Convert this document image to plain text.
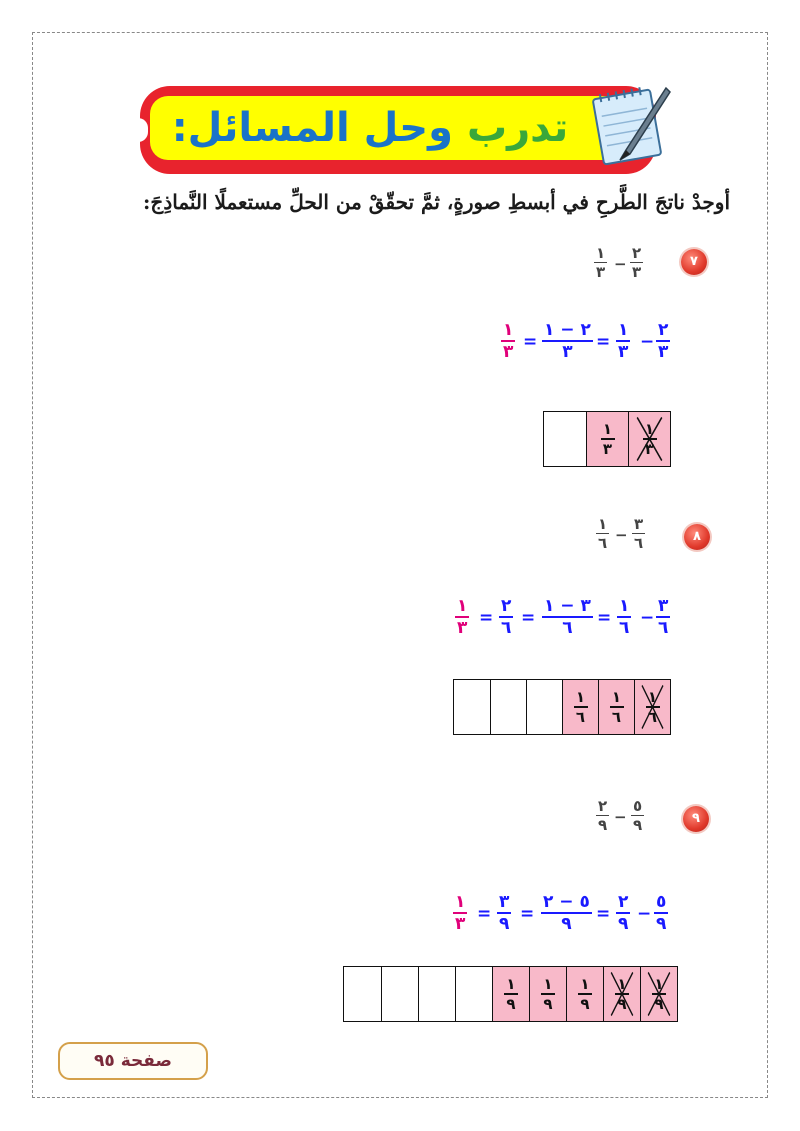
تدرب وحل المسائل:
أوجدْ ناتجَ الطَّرحِ في أبسطِ صورةٍ، ثمَّ تحقّقْ من الحلِّ مستعملًا النَّماذِجَ:
٧
٢
٣
−
١
٣
٢
٣
−
١
٣
=
٢ − ١
٣
=
١
٣
١
٣
١
٣
٨
٣
٦
−
١
٦
٣
٦
−
١
٦
=
٣ − ١
٦
=
٢
٦
=
١
٣
١
٦
١
٦
١
٦
٩
٥
٩
−
٢
٩
٥
٩
−
٢
٩
=
٥ − ٢
٩
=
٣
٩
=
١
٣
١
٩
١
٩
١
٩
١
٩
١
٩
صفحة ٩٥
